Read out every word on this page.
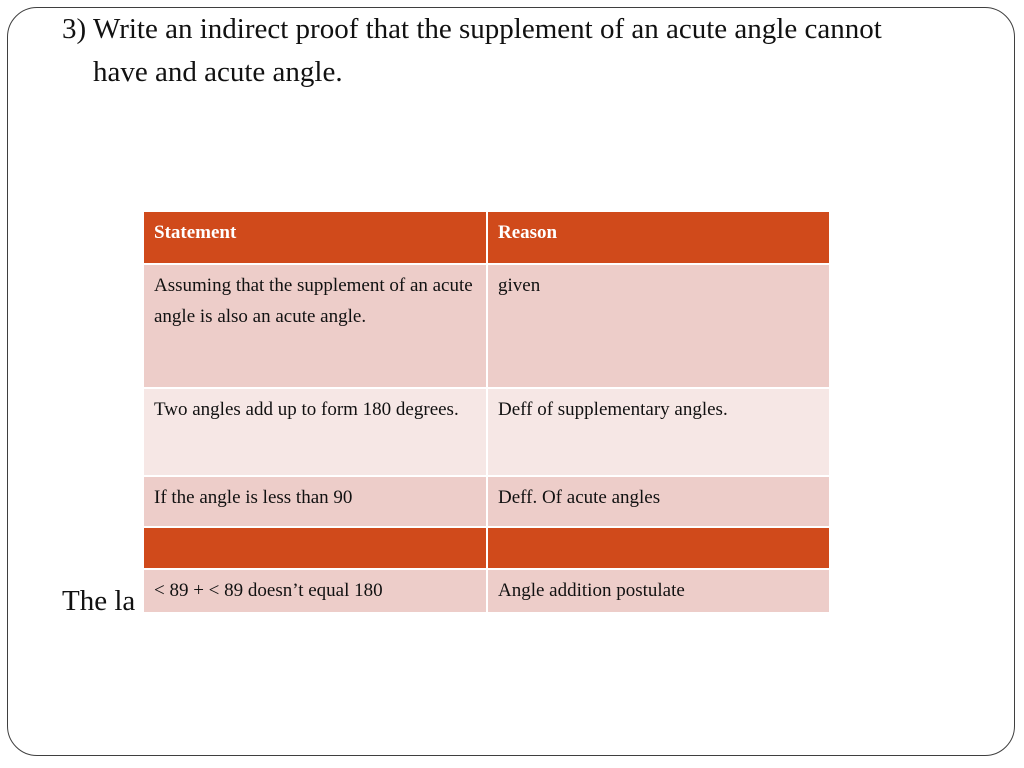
3) Write an indirect proof that the supplement of an acute angle cannot have and acute angle.
The la
Statement	Reason
Assuming that the supplement of an acute angle is also an acute angle.	given
Two angles add up to form 180 degrees.	Deff of supplementary angles.
If the angle is less than 90	Deff. Of acute angles

< 89 + < 89 doesn’t equal 180	Angle addition postulate
